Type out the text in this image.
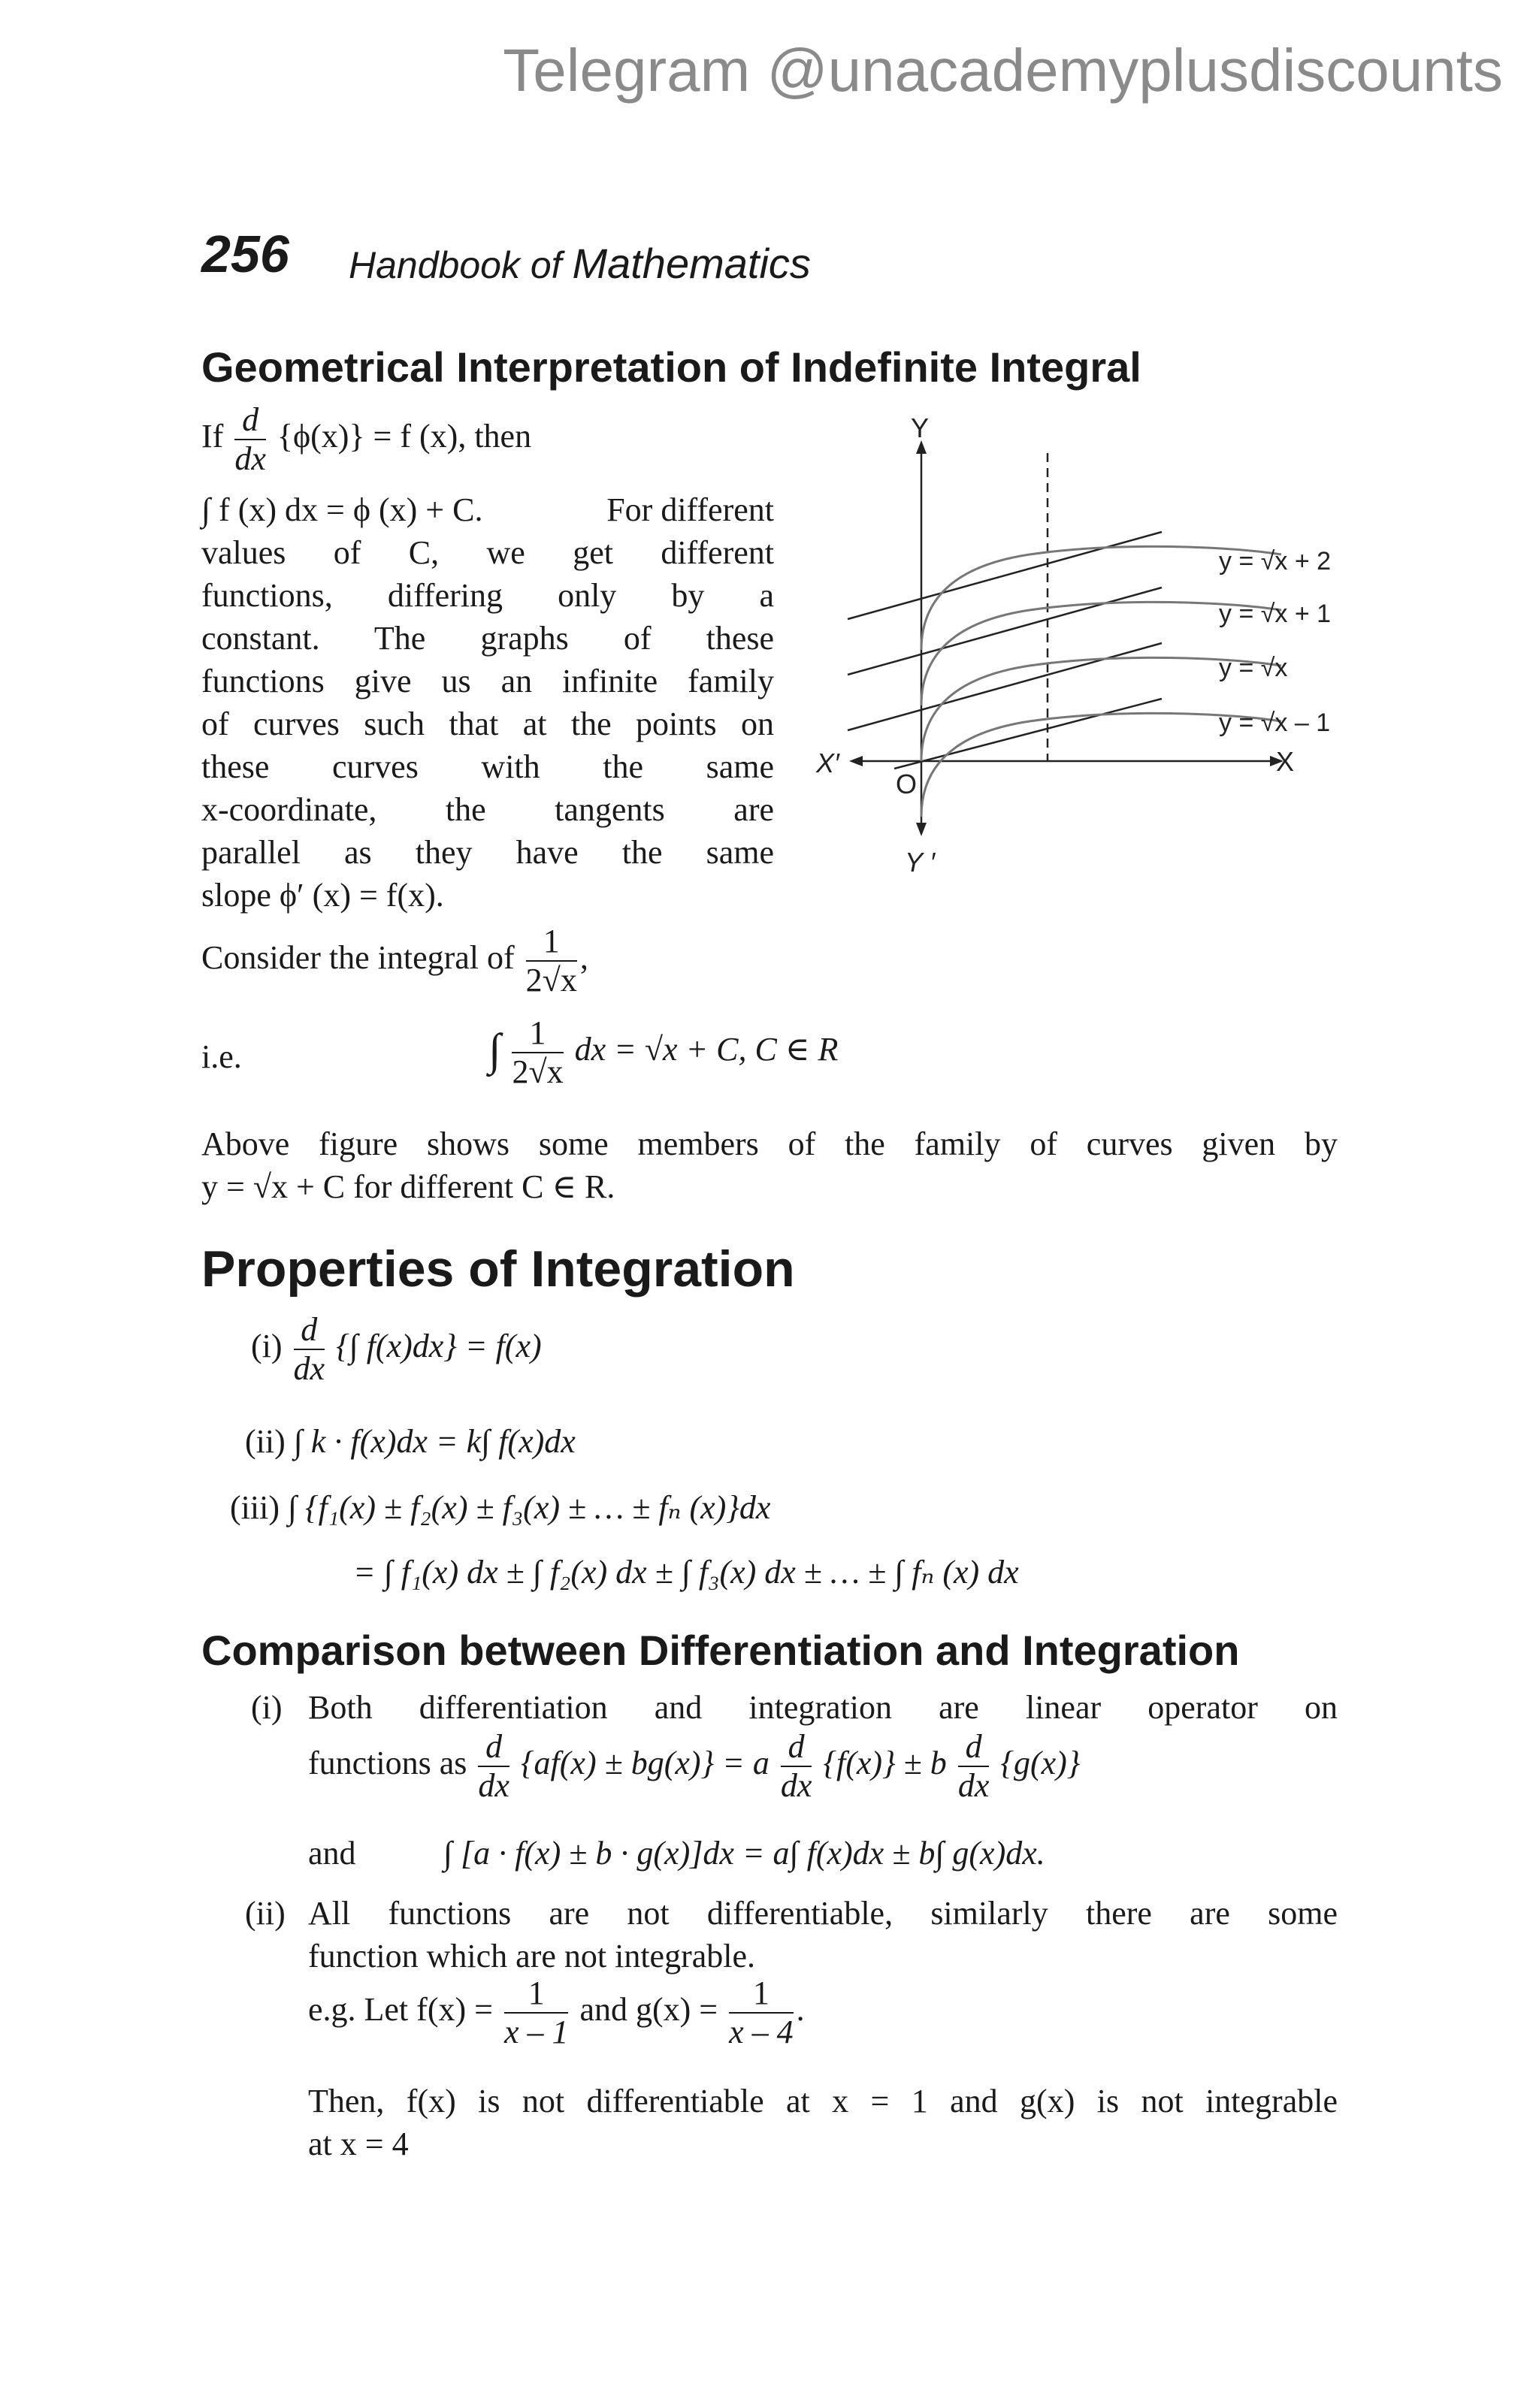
Telegram @unacademyplusdiscounts
256 Handbook of Mathematics
Geometrical Interpretation of Indefinite Integral
If $\frac{d}{dx} \{\phi(x)\} = f$ (x), then
∫ f (x) dx = ϕ (x) + C.	For different
values of C, we get different
functions, differing only by a
constant. The graphs of these
functions give us an infinite family
of curves such that at the points on
these curves with the same
x-coordinate, the tangents are
parallel as they have the same
slope ϕ′ (x) = f(x).
Y
Y ′
X
X′
O
y = √x + 2
y = √x + 1
y = √x
y = √x – 1
Consider the integral of $\frac{1}{2√x}$ ,
i.e.	∫ $\frac{1}{2√x}$ dx = √x + C, C ∈ R
Above figure shows some members of the family of curves given by
y = √x + C for different C ∈ R.
Properties of Integration
$(i) \frac{d}{dx}$ {∫ f(x)dx} = f(x)
(ii) ∫ k · f(x)dx = k∫ f(x)dx
(iii) ∫ {f₁(x) ± f₂(x) ± f₃(x) ± … ± fₙ (x)}dx
= ∫ f₁(x) dx ± ∫ f₂(x) dx ± ∫ f₃(x) dx ± … ± ∫ fₙ (x) dx
Comparison between Differentiation and Integration
(i) Both differentiation and integration are linear operator on
functions as $\frac{d}{dx} \{af(x) \pm bg(x)\} = a \frac{d}{dx} \{f(x)\} \pm b \frac{d}{dx} \{g(x)\}$
and	∫ [a · f(x) ± b · g(x)]dx = a∫ f(x)dx ± b∫ g(x)dx.
(ii) All functions are not differentiable, similarly there are some
function which are not integrable.
e.g. Let $f(x) = \frac{1}{x - 1}$ and $g(x) = \frac{1}{x - 4}$ .
Then, f(x) is not differentiable at x = 1 and g(x) is not integrable
at x = 4
